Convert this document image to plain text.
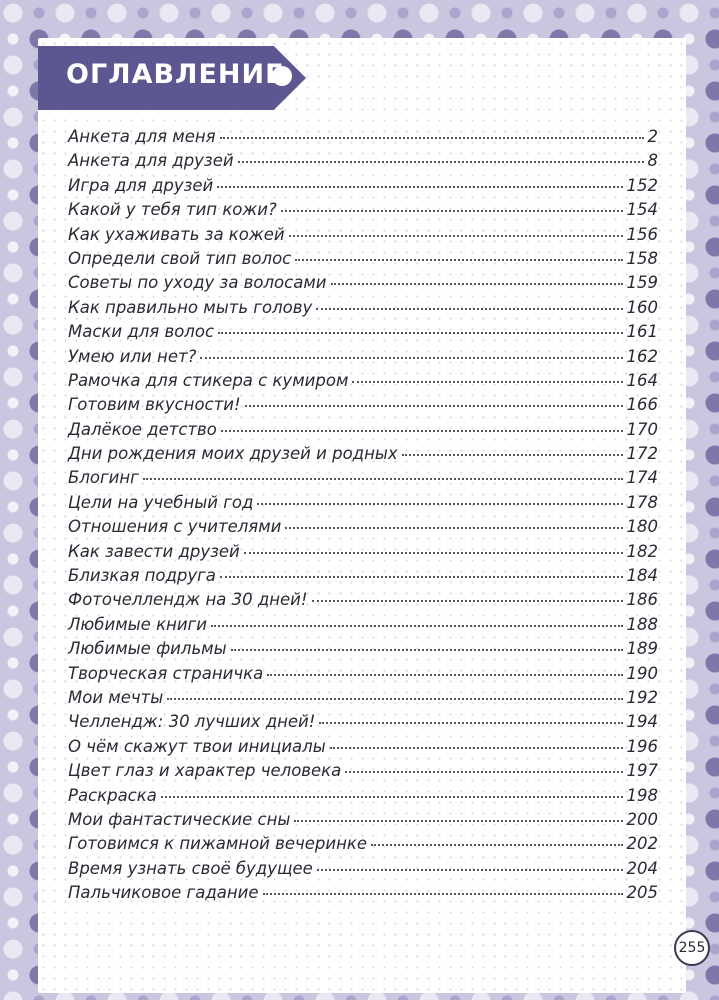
ОГЛАВЛЕНИЕ
Анкета для меня	2
Анкета для друзей	8
Игра для друзей	152
Какой у тебя тип кожи?	154
Как ухаживать за кожей	156
Определи свой тип волос	158
Советы по уходу за волосами	159
Как правильно мыть голову	160
Маски для волос	161
Умею или нет?	162
Рамочка для стикера с кумиром	164
Готовим вкусности!	166
Далёкое детство	170
Дни рождения моих друзей и родных	172
Блогинг	174
Цели на учебный год	178
Отношения с учителями	180
Как завести друзей	182
Близкая подруга	184
Фоточеллендж на 30 дней!	186
Любимые книги	188
Любимые фильмы	189
Творческая страничка	190
Мои мечты	192
Челлендж: 30 лучших дней!	194
О чём скажут твои инициалы	196
Цвет глаз и характер человека	197
Раскраска	198
Мои фантастические сны	200
Готовимся к пижамной вечеринке	202
Время узнать своё будущее	204
Пальчиковое гадание	205
255
